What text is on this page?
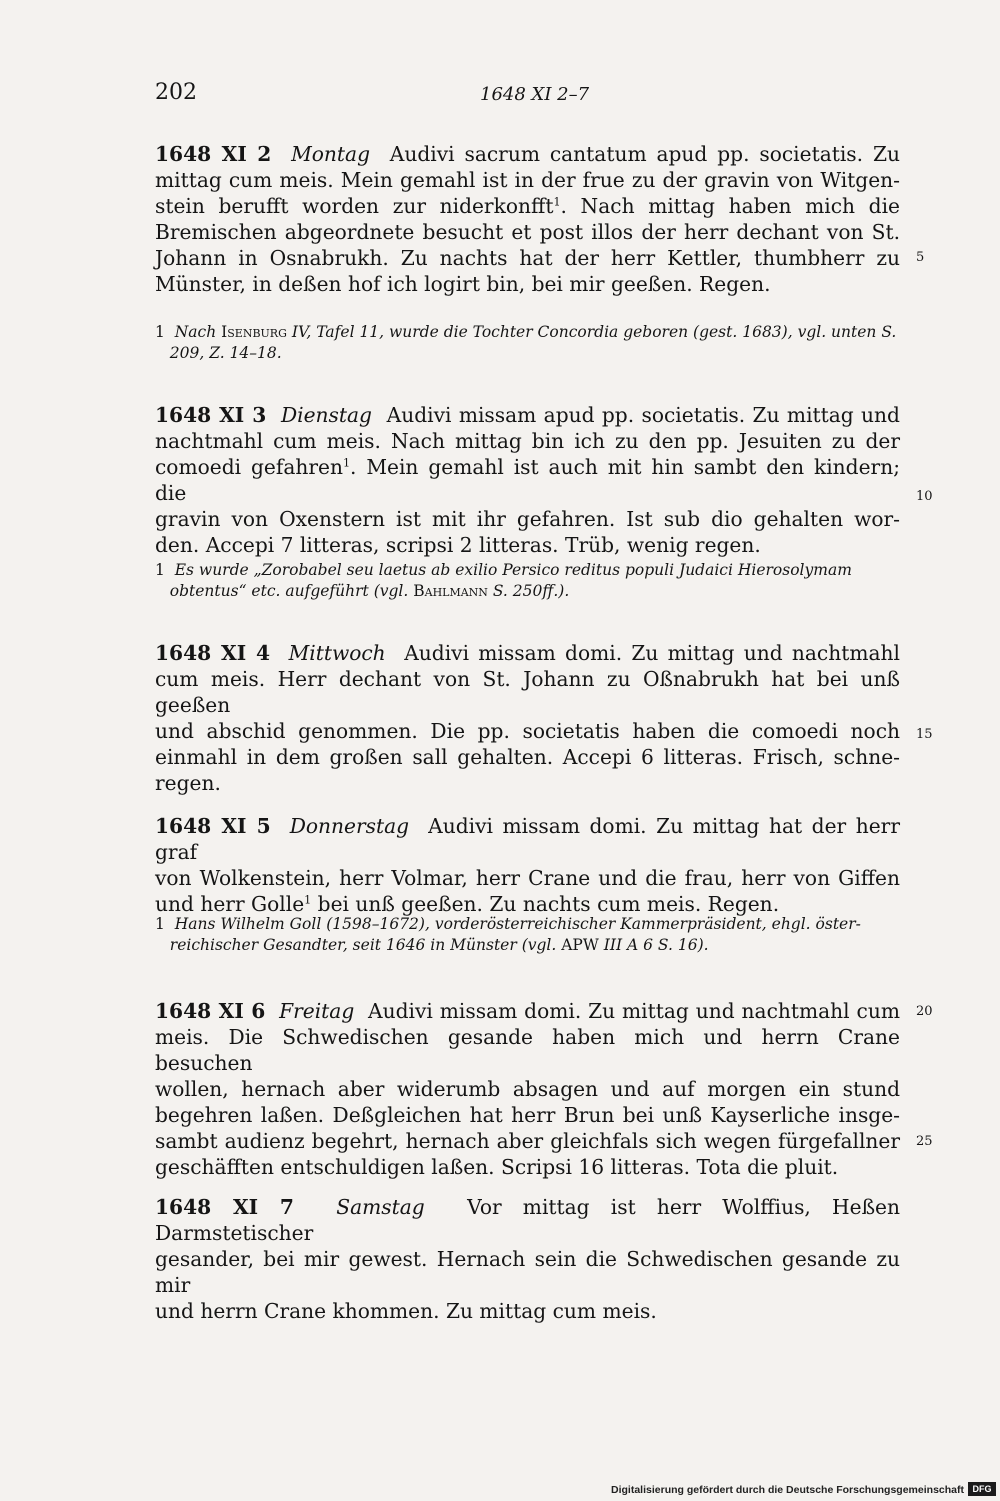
202	1648 XI 2–7
1648 XI 2 Montag Audivi sacrum cantatum apud pp. societatis. Zu
mittag cum meis. Mein gemahl ist in der frue zu der gravin von Witgen-
stein berufft worden zur niderkonfft$^1$. Nach mittag haben mich die
Bremischen abgeordnete besucht et post illos der herr dechant von St.
Johann in Osnabrukh. Zu nachts hat der herr Kettler, thumbherr zu
Münster, in deßen hof ich logirt bin, bei mir geeßen. Regen.
1 Nach Isenburg IV, Tafel 11, wurde die Tochter Concordia geboren (gest. 1683), vgl. unten S.
209, Z. 14–18.
1648 XI 3 Dienstag Audivi missam apud pp. societatis. Zu mittag und
nachtmahl cum meis. Nach mittag bin ich zu den pp. Jesuiten zu der
comoedi gefahren$^1$. Mein gemahl ist auch mit hin sambt den kindern; die
gravin von Oxenstern ist mit ihr gefahren. Ist sub dio gehalten wor-
den. Accepi 7 litteras, scripsi 2 litteras. Trüb, wenig regen.
1 Es wurde „Zorobabel seu laetus ab exilio Persico reditus populi Judaici Hierosolymam
obtentus“ etc. aufgeführt (vgl. Bahlmann S. 250ff.).
1648 XI 4 Mittwoch Audivi missam domi. Zu mittag und nachtmahl
cum meis. Herr dechant von St. Johann zu Oßnabrukh hat bei unß geeßen
und abschid genommen. Die pp. societatis haben die comoedi noch
einmahl in dem großen sall gehalten. Accepi 6 litteras. Frisch, schne-
regen.
1648 XI 5 Donnerstag Audivi missam domi. Zu mittag hat der herr graf
von Wolkenstein, herr Volmar, herr Crane und die frau, herr von Giffen
und herr Golle$^1$ bei unß geeßen. Zu nachts cum meis. Regen.
1 Hans Wilhelm Goll (1598–1672), vorderösterreichischer Kammerpräsident, ehgl. öster-
reichischer Gesandter, seit 1646 in Münster (vgl. APW III A 6 S. 16).
1648 XI 6 Freitag Audivi missam domi. Zu mittag und nachtmahl cum
meis. Die Schwedischen gesande haben mich und herrn Crane besuchen
wollen, hernach aber widerumb absagen und auf morgen ein stund
begehren laßen. Deßgleichen hat herr Brun bei unß Kayserliche insge-
sambt audienz begehrt, hernach aber gleichfals sich wegen fürgefallner
geschäfften entschuldigen laßen. Scripsi 16 litteras. Tota die pluit.
1648 XI 7 Samstag Vor mittag ist herr Wolffius, Heßen Darmstetischer
gesander, bei mir gewest. Hernach sein die Schwedischen gesande zu mir
und herrn Crane khommen. Zu mittag cum meis.
5
10
15
20
25
Digitalisierung gefördert durch die Deutsche Forschungsgemeinschaft DFG
